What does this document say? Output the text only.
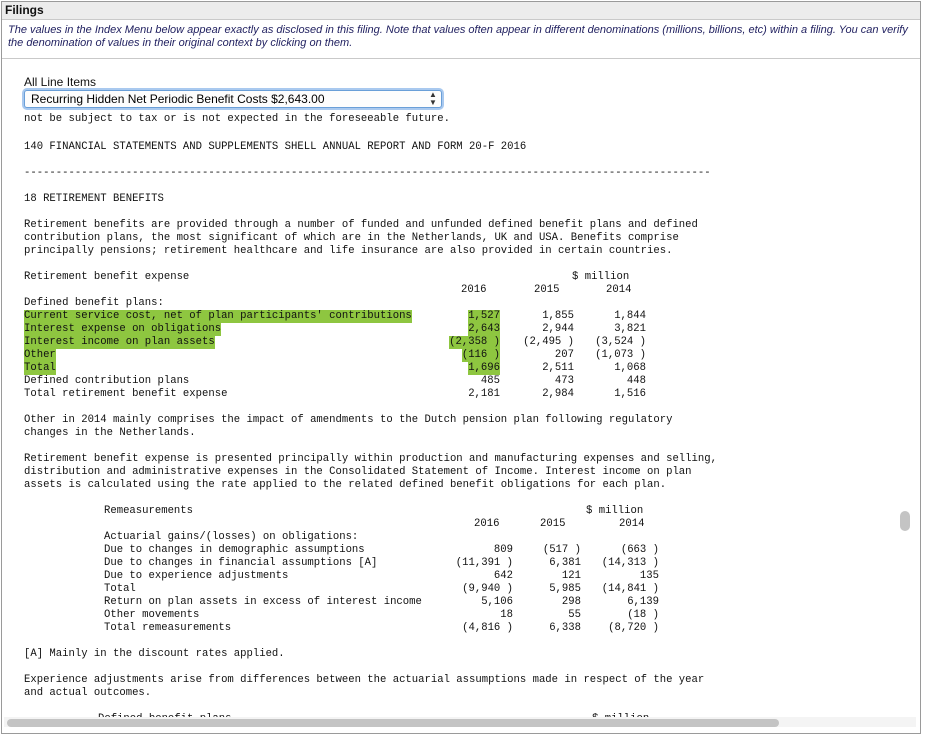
Filings
The values in the Index Menu below appear exactly as disclosed in this filing. Note that values often appear in different denominations (millions, billions, etc) within a filing. You can verify the denomination of values in their original context by clicking on them.
All Line Items
Recurring Hidden Net Periodic Benefit Costs $2,643.00	▲
▼

not be subject to tax or is not expected in the foreseeable future.

140 FINANCIAL STATEMENTS AND SUPPLEMENTS SHELL ANNUAL REPORT AND FORM 20-F 2016

------------------------------------------------------------------------------------------------------------

18 RETIREMENT BENEFITS

Retirement benefits are provided through a number of funded and unfunded defined benefit plans and defined

contribution plans, the most significant of which are in the Netherlands, UK and USA. Benefits comprise

principally pensions; retirement healthcare and life insurance are also provided in certain countries.

Retirement benefit expense

	$ million

2016

	2015

	2014

Defined benefit plans:

Current service cost, net of plan participants' contributions	1,527	1,855	1,844
Interest expense on obligations	2,643	2,944	3,821
Interest income on plan assets	(2,358 ) (2,495 ) (3,524 )
Other	(116 )	207 (1,073 )
Total	1,696	2,511	1,068
Defined contribution plans	485	473	448
Total retirement benefit expense	2,181	2,984	1,516

Other in 2014 mainly comprises the impact of amendments to the Dutch pension plan following regulatory

changes in the Netherlands.

Retirement benefit expense is presented principally within production and manufacturing expenses and selling,

distribution and administrative expenses in the Consolidated Statement of Income. Interest income on plan

assets is calculated using the rate applied to the related defined benefit obligations for each plan.

Remeasurements

	$ million

2016

	2015

	2014

Actuarial gains/(losses) on obligations:

Due to changes in demographic assumptions	809	(517 )	(663 )
Due to changes in financial assumptions [A]	(11,391 )	6,381 (14,313 )
Due to experience adjustments	642	121	135
Total	(9,940 )	5,985 (14,841 )
Return on plan assets in excess of interest income	5,106	298	6,139
Other movements	18	55	(18 )
Total remeasurements	(4,816 )	6,338	(8,720 )

[A] Mainly in the discount rates applied.

Experience adjustments arise from differences between the actuarial assumptions made in respect of the year

and actual outcomes.
